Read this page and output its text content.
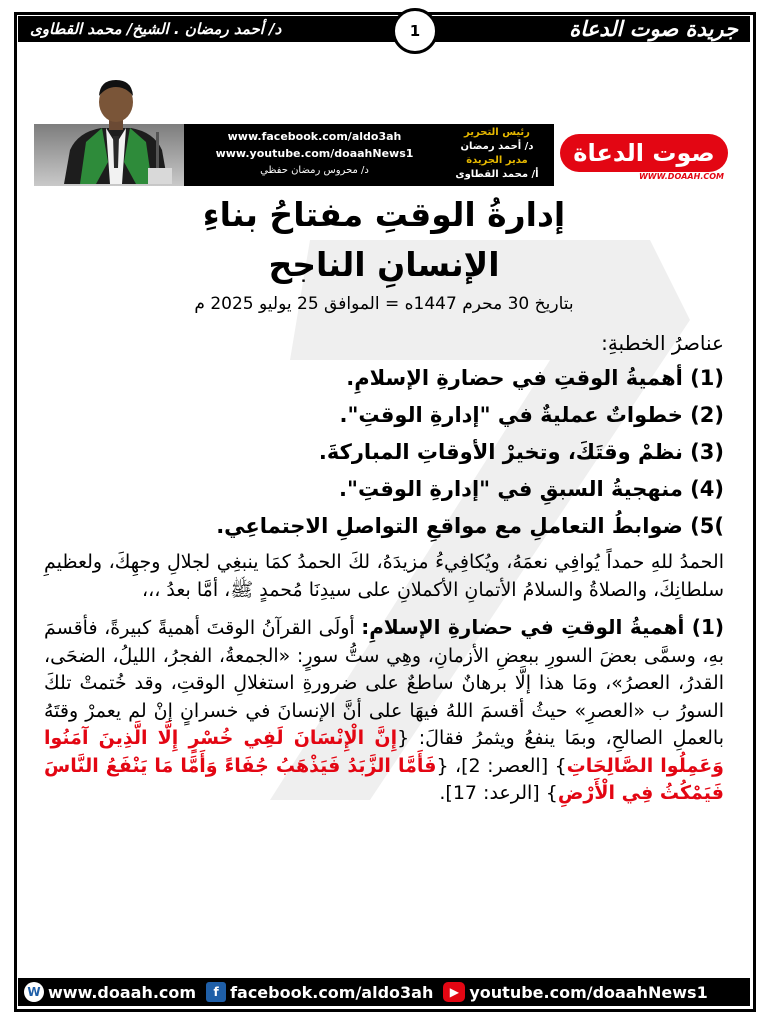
جريدة صوت الدعاة
د/ أحمد رمضان . الشيخ/ محمد القطاوى	1
www.facebook.com/aldo3ah
www.youtube.com/doaahNews1
د/ محروس رمضان حفظي
رئيس التحرير
د/ أحمد رمضان
مدير الجريدة
أ/ محمد القطاوى
صوت الدعاة
WWW.DOAAH.COM
إدارةُ الوقتِ مفتاحُ بناءِ
الإنسانِ الناجح
بتاريخ 30 محرم 1447ه = الموافق 25 يوليو 2025 م
عناصرُ الخطبةِ:
(1) أهميةُ الوقتِ في حضارةِ الإسلامِ.
(2) خطواتٌ عمليةٌ في "إدارةِ الوقتِ".
(3) نظمْ وقتَكَ، وتخيرْ الأوقاتِ المباركةَ.
(4) منهجيةُ السبقِ في "إدارةِ الوقتِ".
)5) ضوابطُ التعاملِ مع مواقعِ التواصلِ الاجتماعِي.

الحمدُ للهِ حمداً يُوافِي نعمَهُ، ويُكافِيءُ مزيدَهُ، لكَ الحمدُ كمَا ينبغِي لجلالِ وجهِكَ، ولعظيمِ سلطانِكَ، والصلاةُ والسلامُ الأتمانِ الأكملانِ على سيدِنَا مُحمدٍ ﷺ، أمَّا بعدُ ،،،

(1) أهميةُ الوقتِ في حضارةِ الإسلامِ: أولَى القرآنُ الوقتَ أهميةً كبيرةً، فأقسمَ بهِ، وسمَّى بعضَ السورِ ببعضِ الأزمانِ، وهِي ستُّ سورٍ: «الجمعةُ، الفجرُ، الليلُ، الضحَى، القدرُ، العصرُ»، ومَا هذا إلَّا برهانٌ ساطعٌ على ضرورةِ استغلالِ الوقتِ، وقد خُتمتْ تلكَ السورُ ب «العصرِ» حيثُ أقسمَ اللهُ فيهَا على أنَّ الإنسانَ في خسرانٍ إنْ لم يعمرْ وقتَهُ بالعملِ الصالحِ، وبمَا ينفعُ ويثمرُ فقالَ: {إِنَّ الْإِنْسَانَ لَفِي خُسْرٍ إِلَّا الَّذِينَ آمَنُوا وَعَمِلُوا الصَّالِحَاتِ} [العصر: 2]، {فَأَمَّا الزَّبَدُ فَيَذْهَبُ جُفَاءً وَأَمَّا مَا يَنْفَعُ النَّاسَ فَيَمْكُثُ فِي الْأَرْضِ} [الرعد: 17].

W www.doaah.com	f facebook.com/aldo3ah	▶ youtube.com/doaahNews1
